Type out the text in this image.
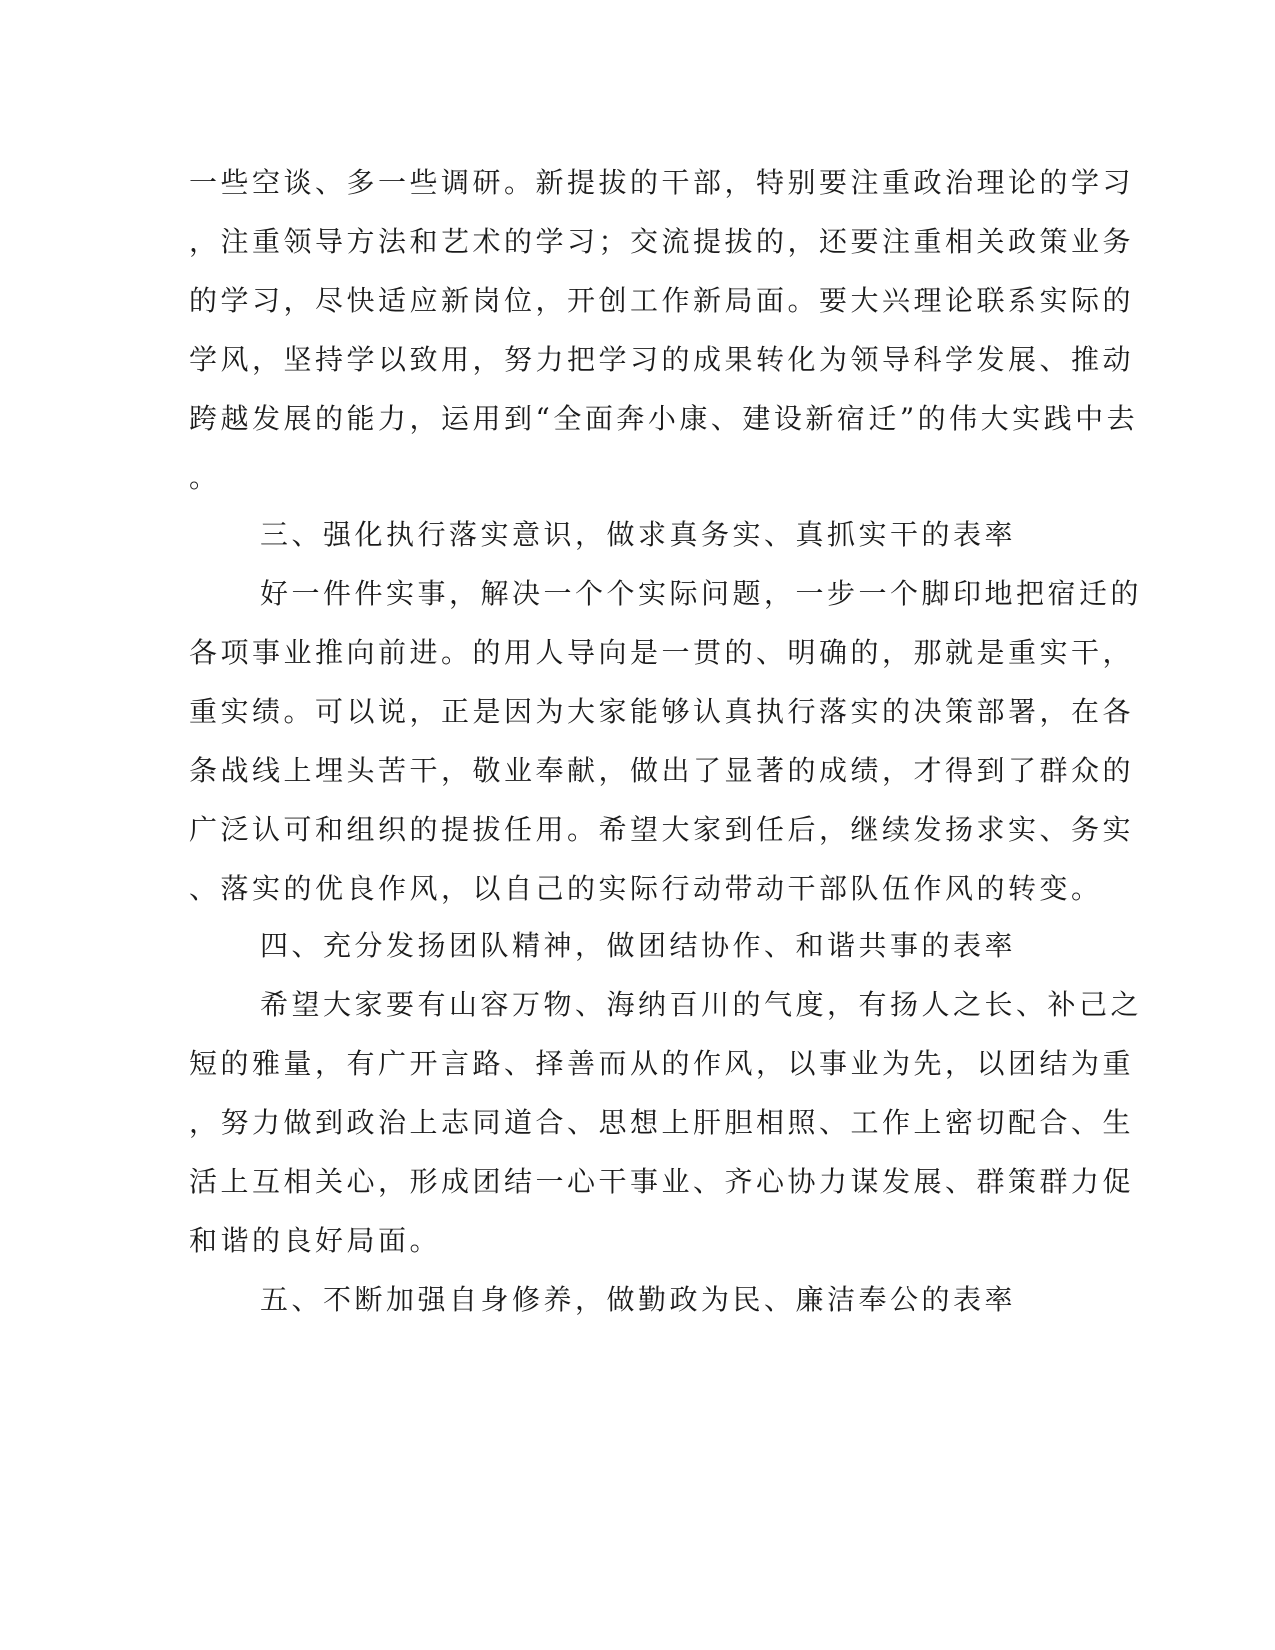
一些空谈、多一些调研。新提拔的干部，特别要注重政治理论的学习
，注重领导方法和艺术的学习；交流提拔的，还要注重相关政策业务
的学习，尽快适应新岗位，开创工作新局面。要大兴理论联系实际的
学风，坚持学以致用，努力把学习的成果转化为领导科学发展、推动
跨越发展的能力，运用到“全面奔小康、建设新宿迁”的伟大实践中去
。
三、强化执行落实意识，做求真务实、真抓实干的表率
好一件件实事，解决一个个实际问题，一步一个脚印地把宿迁的
各项事业推向前进。的用人导向是一贯的、明确的，那就是重实干，
重实绩。可以说，正是因为大家能够认真执行落实的决策部署，在各
条战线上埋头苦干，敬业奉献，做出了显著的成绩，才得到了群众的
广泛认可和组织的提拔任用。希望大家到任后，继续发扬求实、务实
、落实的优良作风，以自己的实际行动带动干部队伍作风的转变。
四、充分发扬团队精神，做团结协作、和谐共事的表率
希望大家要有山容万物、海纳百川的气度，有扬人之长、补己之
短的雅量，有广开言路、择善而从的作风，以事业为先，以团结为重
，努力做到政治上志同道合、思想上肝胆相照、工作上密切配合、生
活上互相关心，形成团结一心干事业、齐心协力谋发展、群策群力促
和谐的良好局面。
五、不断加强自身修养，做勤政为民、廉洁奉公的表率
